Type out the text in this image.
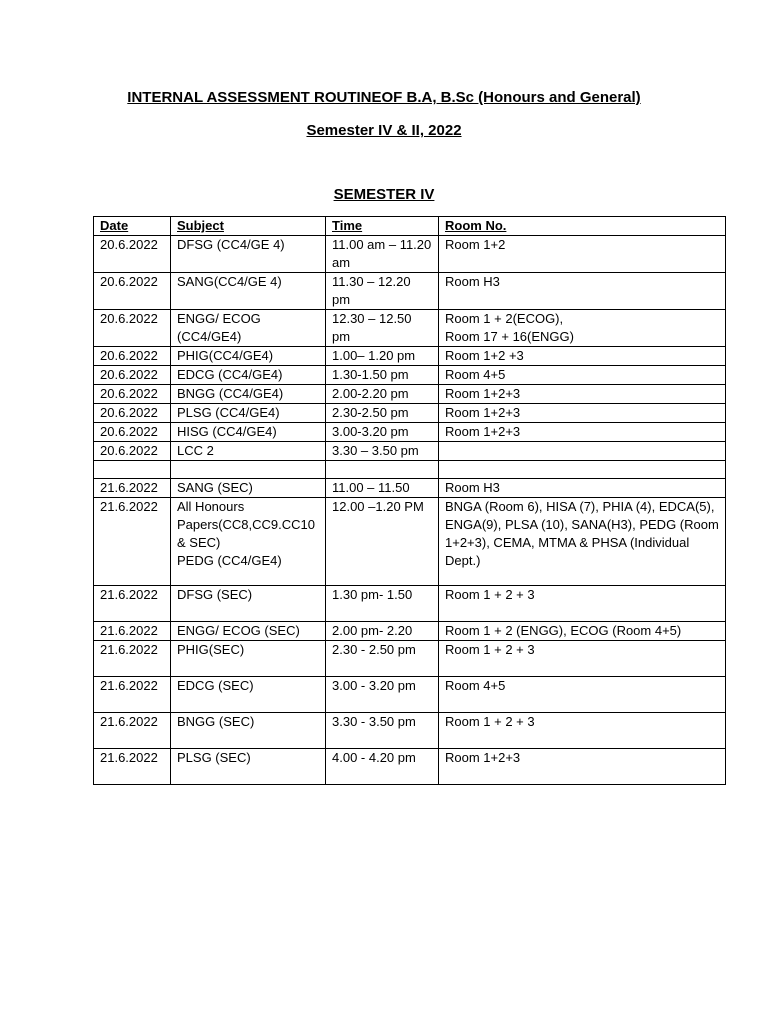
INTERNAL ASSESSMENT ROUTINEOF B.A, B.Sc (Honours and General)
Semester IV & II, 2022
SEMESTER IV
Date	Subject	Time	Room No.
20.6.2022	DFSG (CC4/GE 4)	11.00 am – 11.20 am	Room 1+2
20.6.2022	SANG(CC4/GE 4)	11.30 – 12.20 pm	Room H3
20.6.2022	ENGG/ ECOG (CC4/GE4)	12.30 – 12.50 pm	Room 1 + 2(ECOG),
Room 17 + 16(ENGG)
20.6.2022	PHIG(CC4/GE4)	1.00– 1.20 pm	Room 1+2 +3
20.6.2022	EDCG (CC4/GE4)	1.30-1.50 pm	Room 4+5
20.6.2022	BNGG (CC4/GE4)	2.00-2.20 pm	Room 1+2+3
20.6.2022	PLSG (CC4/GE4)	2.30-2.50 pm	Room 1+2+3
20.6.2022	HISG (CC4/GE4)	3.00-3.20 pm	Room 1+2+3
20.6.2022	LCC 2	3.30 – 3.50 pm	

21.6.2022	SANG (SEC)	11.00 – 11.50	Room H3
21.6.2022	All Honours Papers(CC8,CC9.CC10 & SEC)
PEDG (CC4/GE4)	12.00 –1.20 PM	BNGA (Room 6), HISA (7), PHIA (4), EDCA(5), ENGA(9), PLSA (10), SANA(H3), PEDG (Room 1+2+3), CEMA, MTMA & PHSA (Individual Dept.)
21.6.2022	DFSG (SEC)	1.30 pm- 1.50	Room 1 + 2 + 3
21.6.2022	ENGG/ ECOG (SEC)	2.00 pm- 2.20	Room 1 + 2 (ENGG), ECOG (Room 4+5)
21.6.2022	PHIG(SEC)	2.30 - 2.50 pm	Room 1 + 2 + 3
21.6.2022	EDCG (SEC)	3.00 - 3.20 pm	Room 4+5
21.6.2022	BNGG (SEC)	3.30 - 3.50 pm	Room 1 + 2 + 3
21.6.2022	PLSG (SEC)	4.00 - 4.20 pm	Room 1+2+3
